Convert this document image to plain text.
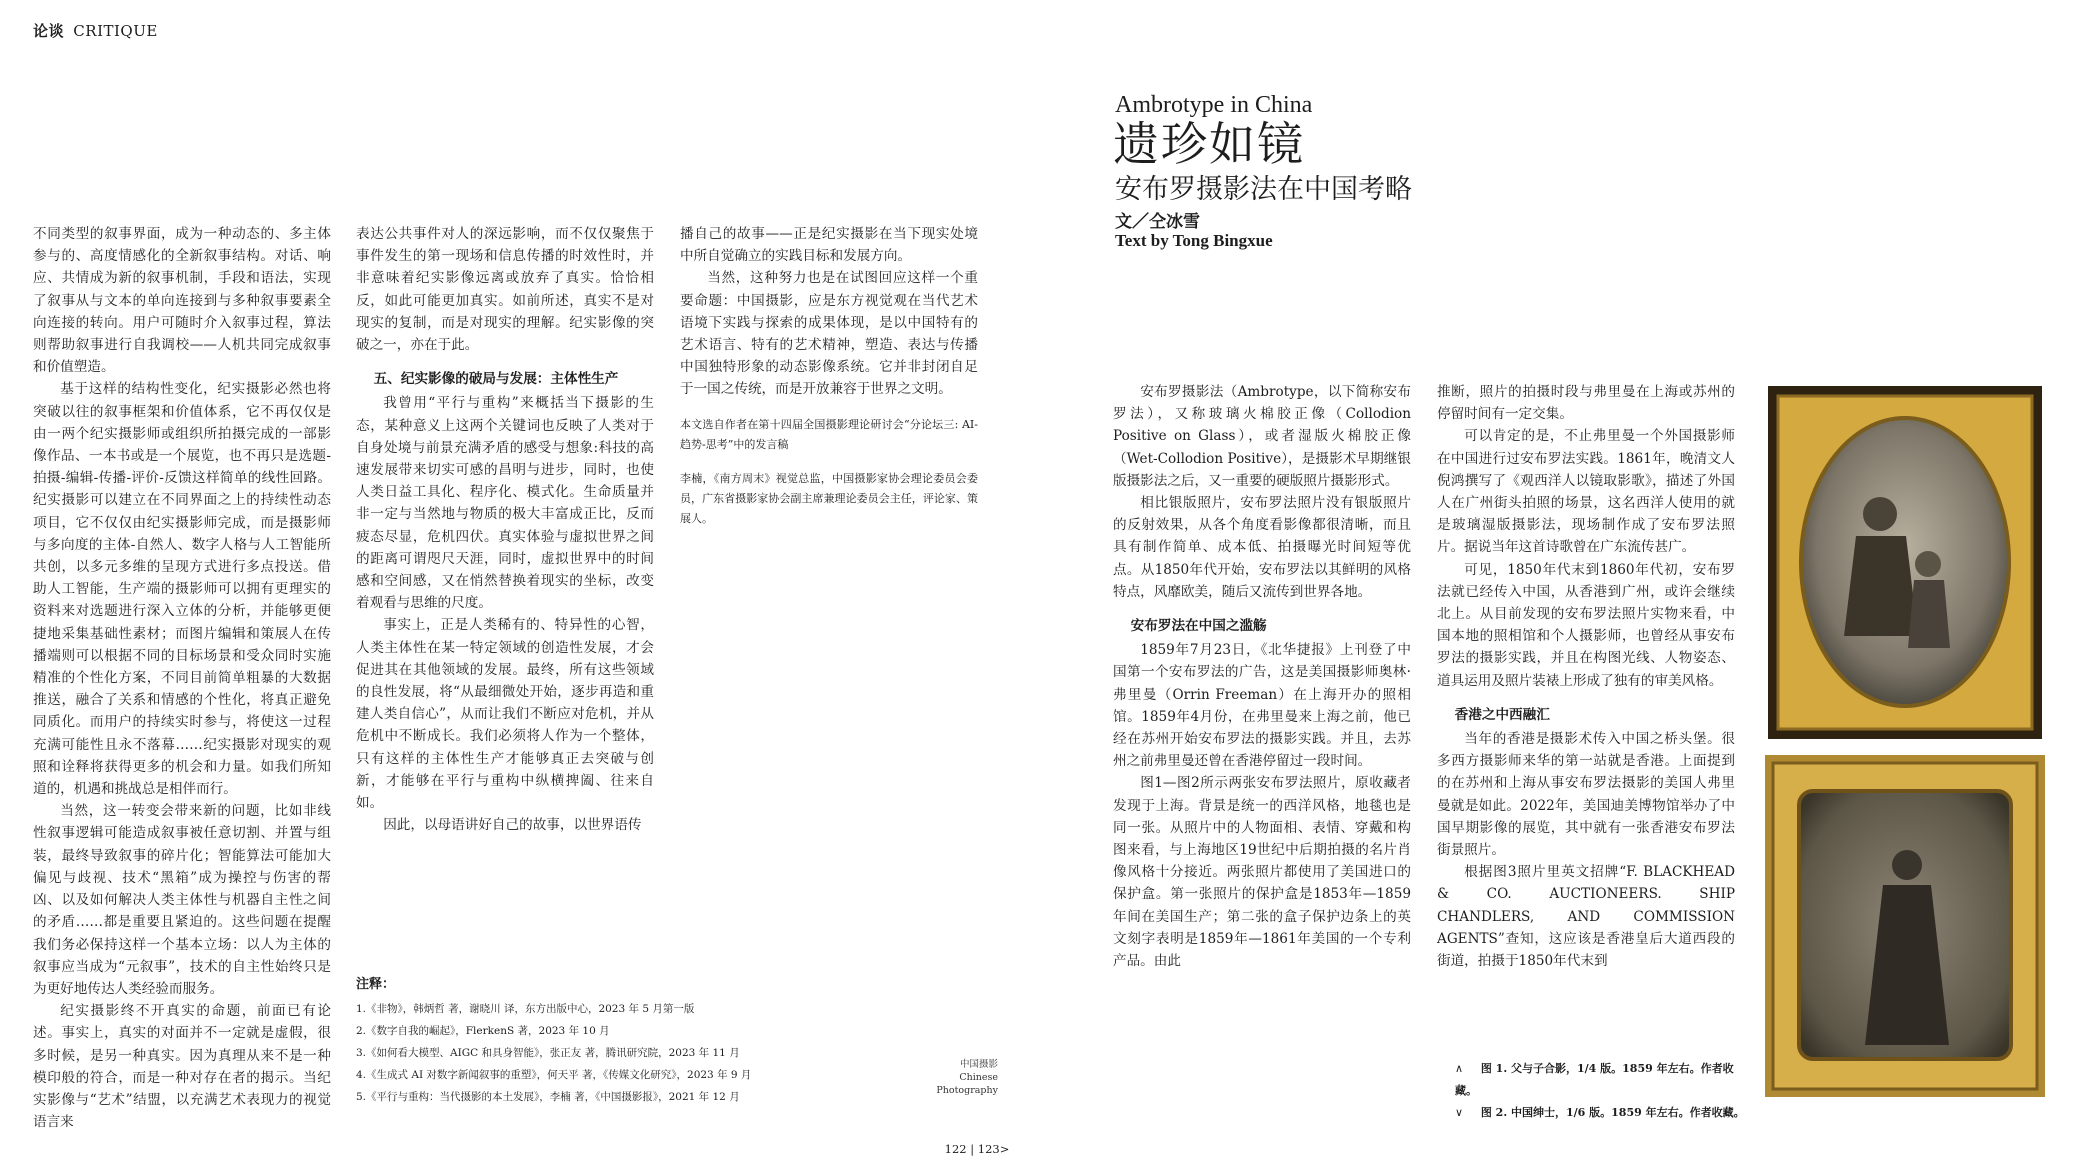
论谈 CRITIQUE

不同类型的叙事界面，成为一种动态的、多主体参与的、高度情感化的全新叙事结构。对话、响应、共情成为新的叙事机制，手段和语法，实现了叙事从与文本的单向连接到与多种叙事要素全向连接的转向。用户可随时介入叙事过程，算法则帮助叙事进行自我调校——人机共同完成叙事和价值塑造。

基于这样的结构性变化，纪实摄影必然也将突破以往的叙事框架和价值体系，它不再仅仅是由一两个纪实摄影师或组织所拍摄完成的一部影像作品、一本书或是一个展览，也不再只是选题-拍摄-编辑-传播-评价-反馈这样简单的线性回路。纪实摄影可以建立在不同界面之上的持续性动态项目，它不仅仅由纪实摄影师完成，而是摄影师与多向度的主体-自然人、数字人格与人工智能所共创，以多元多维的呈现方式进行多点投送。借助人工智能，生产端的摄影师可以拥有更理实的资料来对选题进行深入立体的分析，并能够更便捷地采集基础性素材；而图片编辑和策展人在传播端则可以根据不同的目标场景和受众同时实施精准的个性化方案，不同目前简单粗暴的大数据推送，融合了关系和情感的个性化，将真正避免同质化。而用户的持续实时参与，将使这一过程充满可能性且永不落幕……纪实摄影对现实的观照和诠释将获得更多的机会和力量。如我们所知道的，机遇和挑战总是相伴而行。

当然，这一转变会带来新的问题，比如非线性叙事逻辑可能造成叙事被任意切割、并置与组装，最终导致叙事的碎片化；智能算法可能加大偏见与歧视、技术“黑箱”成为操控与伤害的帮凶、以及如何解决人类主体性与机器自主性之间的矛盾……都是重要且紧迫的。这些问题在提醒我们务必保持这样一个基本立场：以人为主体的叙事应当成为“元叙事”，技术的自主性始终只是为更好地传达人类经验而服务。

纪实摄影终不开真实的命题，前面已有论述。事实上，真实的对面并不一定就是虚假，很多时候，是另一种真实。因为真理从来不是一种模印般的符合，而是一种对存在者的揭示。当纪实影像与“艺术”结盟，以充满艺术表现力的视觉语言来

表达公共事件对人的深远影响，而不仅仅聚焦于事件发生的第一现场和信息传播的时效性时，并非意味着纪实影像远离或放弃了真实。恰恰相反，如此可能更加真实。如前所述，真实不是对现实的复制，而是对现实的理解。纪实影像的突破之一，亦在于此。

五、纪实影像的破局与发展：主体性生产

我曾用“平行与重构”来概括当下摄影的生态，某种意义上这两个关键词也反映了人类对于自身处境与前景充满矛盾的感受与想象:科技的高速发展带来切实可感的昌明与进步，同时，也使人类日益工具化、程序化、模式化。生命质量并非一定与当然地与物质的极大丰富成正比，反而疲态尽显，危机四伏。真实体验与虚拟世界之间的距离可谓咫尺天涯，同时，虚拟世界中的时间感和空间感，又在悄然替换着现实的坐标，改变着观看与思维的尺度。

事实上，正是人类稀有的、特异性的心智，人类主体性在某一特定领域的创造性发展，才会促进其在其他领域的发展。最终，所有这些领域的良性发展，将“从最细微处开始，逐步再造和重建人类自信心”，从而让我们不断应对危机，并从危机中不断成长。我们必须将人作为一个整体，只有这样的主体性生产才能够真正去突破与创新，才能够在平行与重构中纵横捭阖、往来自如。

因此，以母语讲好自己的故事，以世界语传

播自己的故事——正是纪实摄影在当下现实处境中所自觉确立的实践目标和发展方向。

当然，这种努力也是在试图回应这样一个重要命题：中国摄影，应是东方视觉观在当代艺术语境下实践与探索的成果体现，是以中国特有的艺术语言、特有的艺术精神，塑造、表达与传播中国独特形象的动态影像系统。它并非封闭自足于一国之传统，而是开放兼容于世界之文明。

本文选自作者在第十四届全国摄影理论研讨会“分论坛三: AI-趋势-思考”中的发言稿

李楠，《南方周末》视觉总监，中国摄影家协会理论委员会委员，广东省摄影家协会副主席兼理论委员会主任，评论家、策展人。

注释：
1.《非物》，韩炳哲 著，谢晓川 译，东方出版中心，2023 年 5 月第一版
2.《数字自我的崛起》，FlerkenS 著，2023 年 10 月
3.《如何看大模型、AIGC 和具身智能》，张正友 著，腾讯研究院，2023 年 11 月
4.《生成式 AI 对数字新闻叙事的重塑》，何天平 著，《传媒文化研究》，2023 年 9 月
5.《平行与重构：当代摄影的本土发展》，李楠 著，《中国摄影报》，2021 年 12 月
中国摄影
Chinese
Photography
122 | 123>
Ambrotype in China
遗珍如镜
安布罗摄影法在中国考略
文／仝冰雪
Text by Tong Bingxue

安布罗摄影法（Ambrotype，以下简称安布罗法），又称玻璃火棉胶正像（Collodion Positive on Glass），或者湿版火棉胶正像（Wet-Collodion Positive），是摄影术早期继银版摄影法之后，又一重要的硬版照片摄影形式。

相比银版照片，安布罗法照片没有银版照片的反射效果，从各个角度看影像都很清晰，而且具有制作简单、成本低、拍摄曝光时间短等优点。从1850年代开始，安布罗法以其鲜明的风格特点，风靡欧美，随后又流传到世界各地。

安布罗法在中国之滥觞

1859年7月23日，《北华捷报》上刊登了中国第一个安布罗法的广告，这是美国摄影师奥林·弗里曼（Orrin Freeman）在上海开办的照相馆。1859年4月份，在弗里曼来上海之前，他已经在苏州开始安布罗法的摄影实践。并且，去苏州之前弗里曼还曾在香港停留过一段时间。

图1—图2所示两张安布罗法照片，原收藏者发现于上海。背景是统一的西洋风格，地毯也是同一张。从照片中的人物面相、表情、穿戴和构图来看，与上海地区19世纪中后期拍摄的名片肖像风格十分接近。两张照片都使用了美国进口的保护盒。第一张照片的保护盒是1853年—1859年间在美国生产；第二张的盒子保护边条上的英文刻字表明是1859年—1861年美国的一个专利产品。由此

推断，照片的拍摄时段与弗里曼在上海或苏州的停留时间有一定交集。

可以肯定的是，不止弗里曼一个外国摄影师在中国进行过安布罗法实践。1861年，晚清文人倪鸿撰写了《观西洋人以镜取影歌》，描述了外国人在广州街头拍照的场景，这名西洋人使用的就是玻璃湿版摄影法，现场制作成了安布罗法照片。据说当年这首诗歌曾在广东流传甚广。

可见，1850年代末到1860年代初，安布罗法就已经传入中国，从香港到广州，或许会继续北上。从目前发现的安布罗法照片实物来看，中国本地的照相馆和个人摄影师，也曾经从事安布罗法的摄影实践，并且在构图光线、人物姿态、道具运用及照片装裱上形成了独有的审美风格。

香港之中西融汇

当年的香港是摄影术传入中国之桥头堡。很多西方摄影师来华的第一站就是香港。上面提到的在苏州和上海从事安布罗法摄影的美国人弗里曼就是如此。2022年，美国迪美博物馆举办了中国早期影像的展览，其中就有一张香港安布罗法街景照片。

根据图3照片里英文招牌“F. BLACKHEAD & CO. AUCTIONEERS. SHIP CHANDLERS, AND COMMISSION AGENTS”查知，这应该是香港皇后大道西段的街道，拍摄于1850年代末到

∧ 图 1. 父与子合影，1/4 版。1859 年左右。作者收藏。
∨ 图 2. 中国绅士，1/6 版。1859 年左右。作者收藏。
